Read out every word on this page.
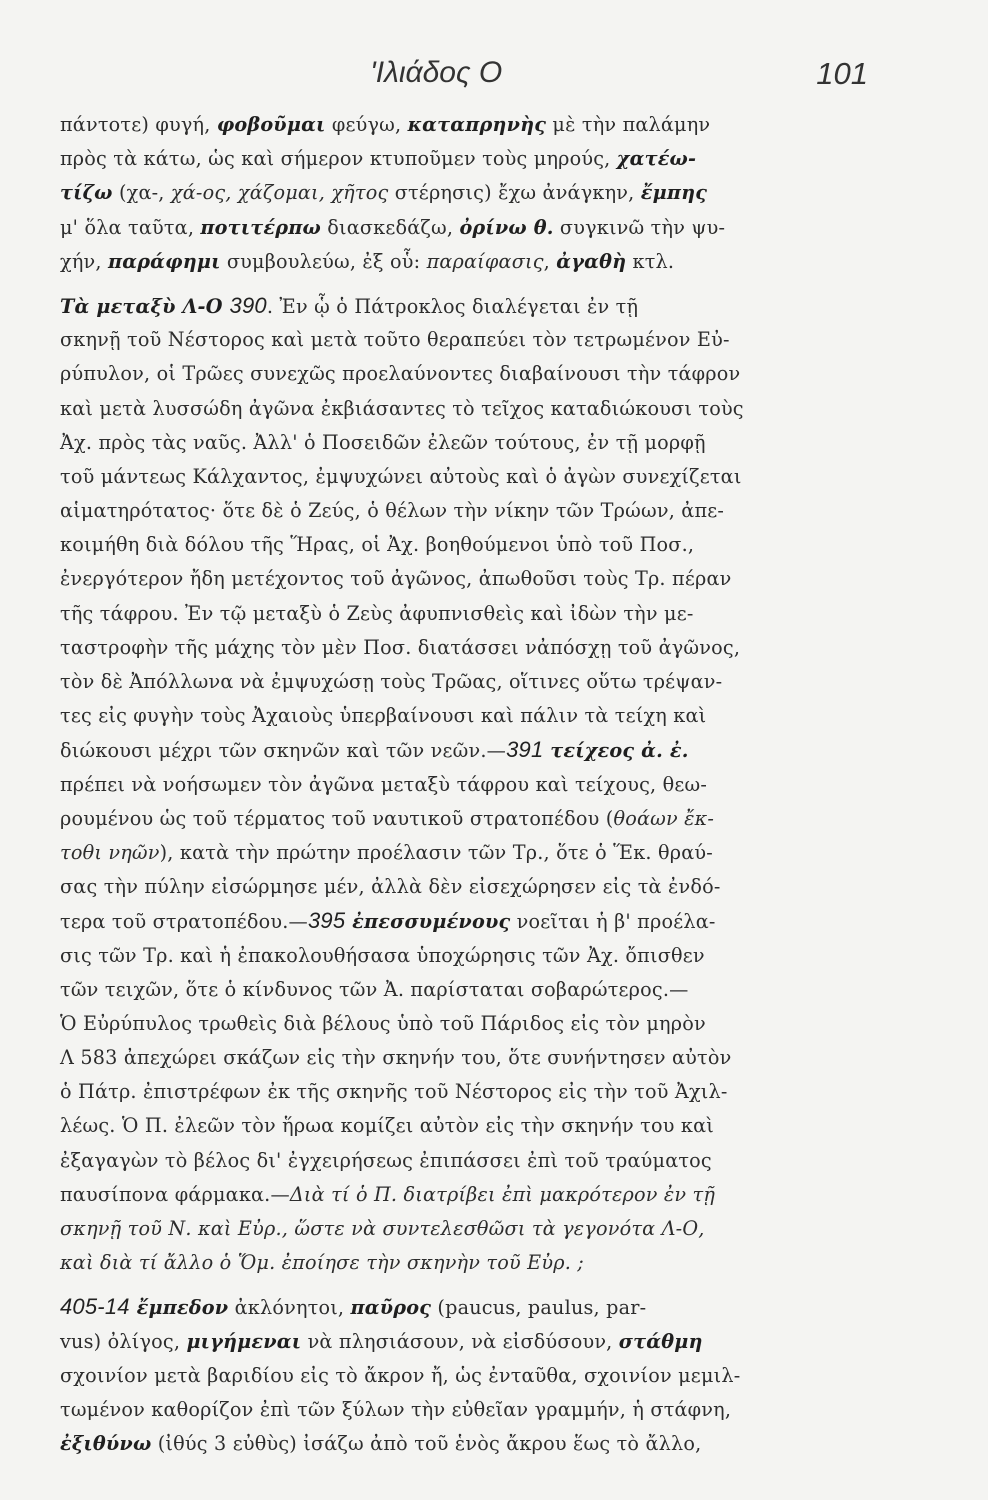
'Ιλιάδος Ο	101
πάντοτε) φυγή, φοβοῦμαι φεύγω, καταπρηνὴς μὲ τὴν παλάμην
πρὸς τὰ κάτω, ὡς καὶ σήμερον κτυποῦμεν τοὺς μηρούς, χατέω-
τίζω (χα-, χά-ος, χάζομαι, χῆτος στέρησις) ἔχω ἀνάγκην, ἔμπης
μ' ὅλα ταῦτα, ποτιτέρπω διασκεδάζω, ὀρίνω θ. συγκινῶ τὴν ψυ-
χήν, παράφημι συμβουλεύω, ἐξ οὗ: παραίφασις, ἀγαθὴ κτλ.
Τὰ μεταξὺ Λ-Ο 390. Ἐν ᾧ ὁ Πάτροκλος διαλέγεται ἐν τῇ
σκηνῇ τοῦ Νέστορος καὶ μετὰ τοῦτο θεραπεύει τὸν τετρωμένον Εὐ-
ρύπυλον, οἱ Τρῶες συνεχῶς προελαύνοντες διαβαίνουσι τὴν τάφρον
καὶ μετὰ λυσσώδη ἀγῶνα ἐκβιάσαντες τὸ τεῖχος καταδιώκουσι τοὺς
Ἀχ. πρὸς τὰς ναῦς. Ἀλλ' ὁ Ποσειδῶν ἐλεῶν τούτους, ἐν τῇ μορφῇ
τοῦ μάντεως Κάλχαντος, ἐμψυχώνει αὐτοὺς καὶ ὁ ἀγὼν συνεχίζεται
αἱματηρότατος· ὅτε δὲ ὁ Ζεύς, ὁ θέλων τὴν νίκην τῶν Τρώων, ἀπε-
κοιμήθη διὰ δόλου τῆς Ἥρας, οἱ Ἀχ. βοηθούμενοι ὑπὸ τοῦ Ποσ.,
ἐνεργότερον ἤδη μετέχοντος τοῦ ἀγῶνος, ἀπωθοῦσι τοὺς Τρ. πέραν
τῆς τάφρου. Ἐν τῷ μεταξὺ ὁ Ζεὺς ἀφυπνισθεὶς καὶ ἰδὼν τὴν με-
ταστροφὴν τῆς μάχης τὸν μὲν Ποσ. διατάσσει νἀπόσχῃ τοῦ ἀγῶνος,
τὸν δὲ Ἀπόλλωνα νὰ ἐμψυχώσῃ τοὺς Τρῶας, οἵτινες οὕτω τρέψαν-
τες εἰς φυγὴν τοὺς Ἀχαιοὺς ὑπερβαίνουσι καὶ πάλιν τὰ τείχη καὶ
διώκουσι μέχρι τῶν σκηνῶν καὶ τῶν νεῶν.—391 τείχεος ἀ. ἐ.
πρέπει νὰ νοήσωμεν τὸν ἀγῶνα μεταξὺ τάφρου καὶ τείχους, θεω-
ρουμένου ὡς τοῦ τέρματος τοῦ ναυτικοῦ στρατοπέδου (θοάων ἔκ-
τοθι νηῶν), κατὰ τὴν πρώτην προέλασιν τῶν Τρ., ὅτε ὁ Ἕκ. θραύ-
σας τὴν πύλην εἰσώρμησε μέν, ἀλλὰ δὲν εἰσεχώρησεν εἰς τὰ ἐνδό-
τερα τοῦ στρατοπέδου.—395 ἐπεσσυμένους νοεῖται ἡ β' προέλα-
σις τῶν Τρ. καὶ ἡ ἐπακολουθήσασα ὑποχώρησις τῶν Ἀχ. ὄπισθεν
τῶν τειχῶν, ὅτε ὁ κίνδυνος τῶν Ἀ. παρίσταται σοβαρώτερος.—
Ὁ Εὐρύπυλος τρωθεὶς διὰ βέλους ὑπὸ τοῦ Πάριδος εἰς τὸν μηρὸν
Λ 583 ἀπεχώρει σκάζων εἰς τὴν σκηνήν του, ὅτε συνήντησεν αὐτὸν
ὁ Πάτρ. ἐπιστρέφων ἐκ τῆς σκηνῆς τοῦ Νέστορος εἰς τὴν τοῦ Ἀχιλ-
λέως. Ὁ Π. ἐλεῶν τὸν ἥρωα κομίζει αὐτὸν εἰς τὴν σκηνήν του καὶ
ἐξαγαγὼν τὸ βέλος δι' ἐγχειρήσεως ἐπιπάσσει ἐπὶ τοῦ τραύματος
παυσίπονα φάρμακα.—Διὰ τί ὁ Π. διατρίβει ἐπὶ μακρότερον ἐν τῇ
σκηνῇ τοῦ Ν. καὶ Εὐρ., ὥστε νὰ συντελεσθῶσι τὰ γεγονότα Λ-Ο,
καὶ διὰ τί ἄλλο ὁ Ὅμ. ἐποίησε τὴν σκηνὴν τοῦ Εὐρ. ;
405-14 ἔμπεδον ἀκλόνητοι, παῦρος (paucus, paulus, par-
vus) ὀλίγος, μιγήμεναι νὰ πλησιάσουν, νὰ εἰσδύσουν, στάθμη
σχοινίον μετὰ βαριδίου εἰς τὸ ἄκρον ἤ, ὡς ἐνταῦθα, σχοινίον μεμιλ-
τωμένον καθορίζον ἐπὶ τῶν ξύλων τὴν εὐθεῖαν γραμμήν, ἡ στάφνη,
ἐξιθύνω (ἰθύς 3 εὐθὺς) ἰσάζω ἀπὸ τοῦ ἑνὸς ἄκρου ἕως τὸ ἄλλο,
